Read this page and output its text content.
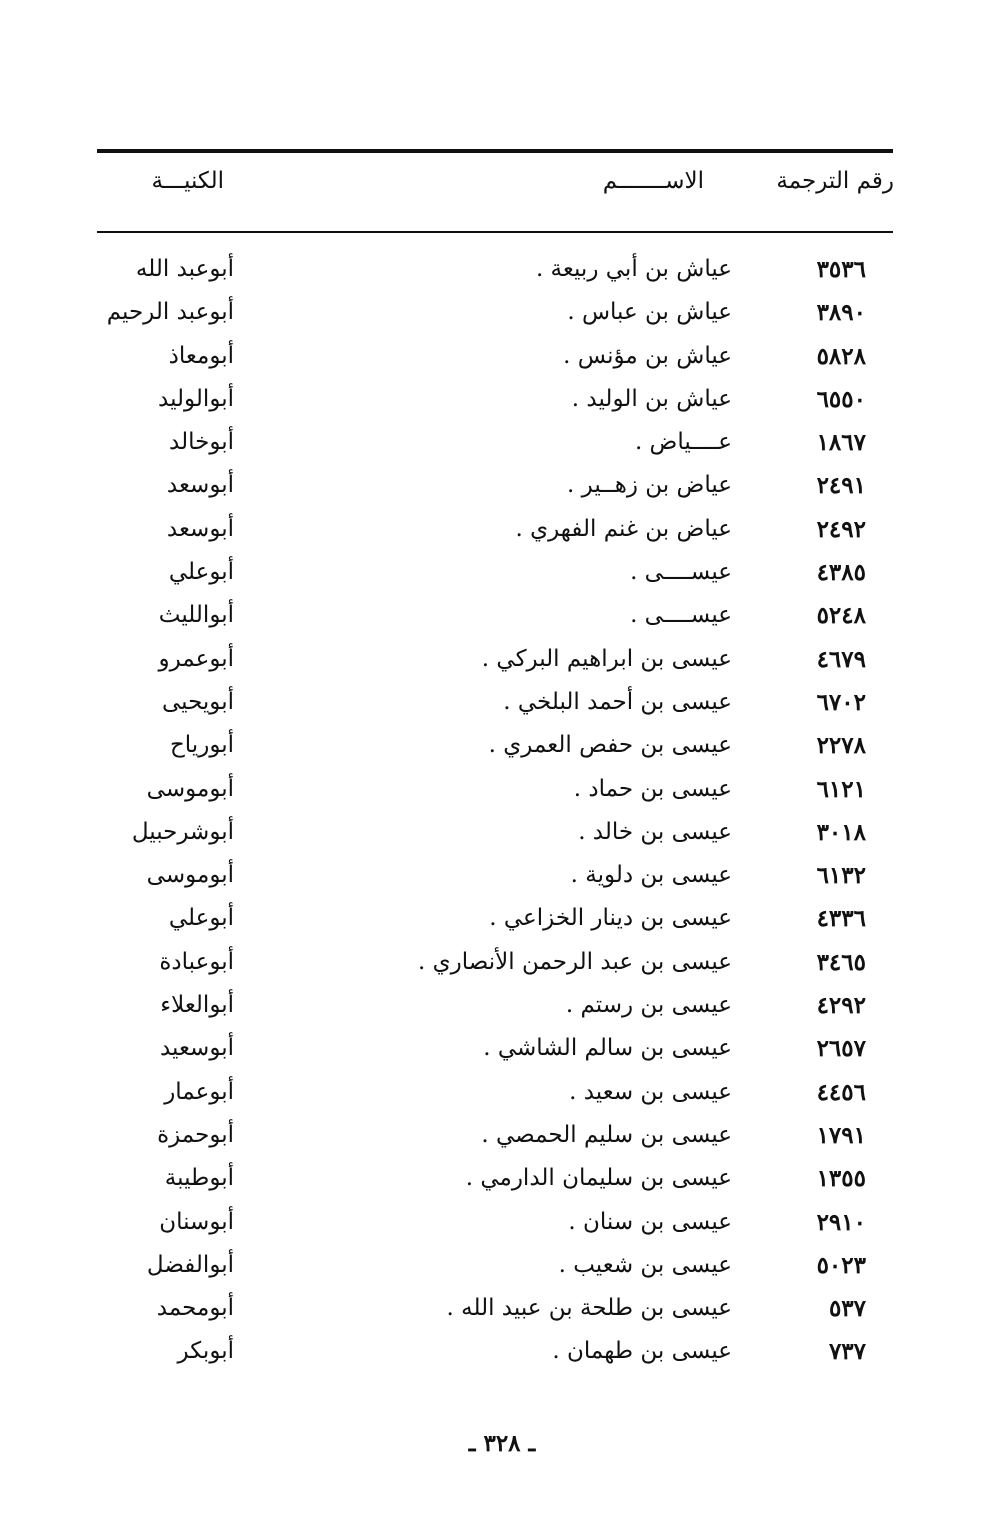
رقم الترجمة
الاســـــــم
الكنيـــة
٣٥٣٦
عياش بن أبي ربيعة .
أبوعبد الله
٣٨٩٠
عياش بن عباس .
أبوعبد الرحيم
٥٨٢٨
عياش بن مؤنس .
أبومعاذ
٦٥٥٠
عياش بن الوليد .
أبوالوليد
١٨٦٧
عــــياض .
أبوخالد
٢٤٩١
عياض بن زهــير .
أبوسعد
٢٤٩٢
عياض بن غنم الفهري .
أبوسعد
٤٣٨٥
عيســــى .
أبوعلي
٥٢٤٨
عيســــى .
أبوالليث
٤٦٧٩
عيسى بن ابراهيم البركي .
أبوعمرو
٦٧٠٢
عيسى بن أحمد البلخي .
أبويحيى
٢٢٧٨
عيسى بن حفص العمري .
أبورياح
٦١٢١
عيسى بن حماد .
أبوموسى
٣٠١٨
عيسى بن خالد .
أبوشرحبيل
٦١٣٢
عيسى بن دلوية .
أبوموسى
٤٣٣٦
عيسى بن دينار الخزاعي .
أبوعلي
٣٤٦٥
عيسى بن عبد الرحمن الأنصاري .
أبوعبادة
٤٢٩٢
عيسى بن رستم .
أبوالعلاء
٢٦٥٧
عيسى بن سالم الشاشي .
أبوسعيد
٤٤٥٦
عيسى بن سعيد .
أبوعمار
١٧٩١
عيسى بن سليم الحمصي .
أبوحمزة
١٣٥٥
عيسى بن سليمان الدارمي .
أبوطيبة
٢٩١٠
عيسى بن سنان .
أبوسنان
٥٠٢٣
عيسى بن شعيب .
أبوالفضل
٥٣٧
عيسى بن طلحة بن عبيد الله .
أبومحمد
٧٣٧
عيسى بن طهمان .
أبوبكر
ـ ٣٢٨ ـ
